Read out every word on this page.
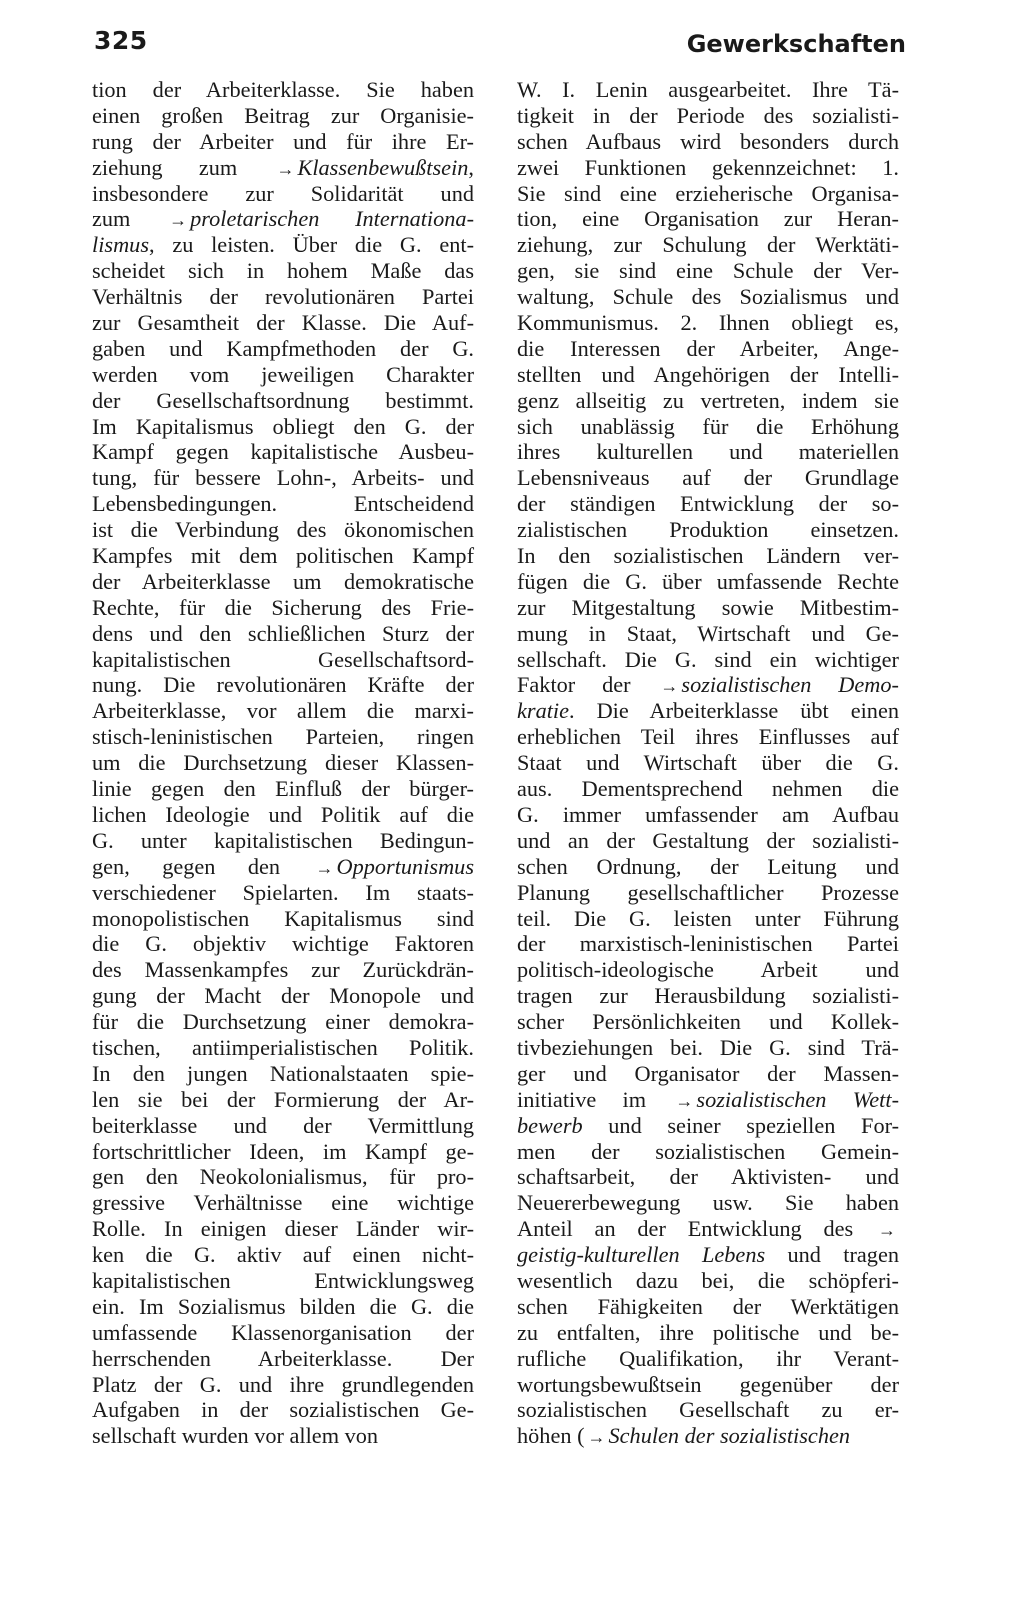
325	Gewerkschaften
tion der Arbeiterklasse. Sie haben
einen großen Beitrag zur Organisie-
rung der Arbeiter und für ihre Er-
ziehung zum → Klassenbewußtsein,
insbesondere zur Solidarität und
zum → proletarischen Internationa-
lismus, zu leisten. Über die G. ent-
scheidet sich in hohem Maße das
Verhältnis der revolutionären Partei
zur Gesamtheit der Klasse. Die Auf-
gaben und Kampfmethoden der G.
werden vom jeweiligen Charakter
der Gesellschaftsordnung bestimmt.
Im Kapitalismus obliegt den G. der
Kampf gegen kapitalistische Ausbeu-
tung, für bessere Lohn-, Arbeits- und
Lebensbedingungen. Entscheidend
ist die Verbindung des ökonomischen
Kampfes mit dem politischen Kampf
der Arbeiterklasse um demokratische
Rechte, für die Sicherung des Frie-
dens und den schließlichen Sturz der
kapitalistischen Gesellschaftsord-
nung. Die revolutionären Kräfte der
Arbeiterklasse, vor allem die marxi-
stisch-leninistischen Parteien, ringen
um die Durchsetzung dieser Klassen-
linie gegen den Einfluß der bürger-
lichen Ideologie und Politik auf die
G. unter kapitalistischen Bedingun-
gen, gegen den → Opportunismus
verschiedener Spielarten. Im staats-
monopolistischen Kapitalismus sind
die G. objektiv wichtige Faktoren
des Massenkampfes zur Zurückdrän-
gung der Macht der Monopole und
für die Durchsetzung einer demokra-
tischen, antiimperialistischen Politik.
In den jungen Nationalstaaten spie-
len sie bei der Formierung der Ar-
beiterklasse und der Vermittlung
fortschrittlicher Ideen, im Kampf ge-
gen den Neokolonialismus, für pro-
gressive Verhältnisse eine wichtige
Rolle. In einigen dieser Länder wir-
ken die G. aktiv auf einen nicht-
kapitalistischen Entwicklungsweg
ein. Im Sozialismus bilden die G. die
umfassende Klassenorganisation der
herrschenden Arbeiterklasse. Der
Platz der G. und ihre grundlegenden
Aufgaben in der sozialistischen Ge-
sellschaft wurden vor allem von
W. I. Lenin ausgearbeitet. Ihre Tä-
tigkeit in der Periode des sozialisti-
schen Aufbaus wird besonders durch
zwei Funktionen gekennzeichnet: 1.
Sie sind eine erzieherische Organisa-
tion, eine Organisation zur Heran-
ziehung, zur Schulung der Werktäti-
gen, sie sind eine Schule der Ver-
waltung, Schule des Sozialismus und
Kommunismus. 2. Ihnen obliegt es,
die Interessen der Arbeiter, Ange-
stellten und Angehörigen der Intelli-
genz allseitig zu vertreten, indem sie
sich unablässig für die Erhöhung
ihres kulturellen und materiellen
Lebensniveaus auf der Grundlage
der ständigen Entwicklung der so-
zialistischen Produktion einsetzen.
In den sozialistischen Ländern ver-
fügen die G. über umfassende Rechte
zur Mitgestaltung sowie Mitbestim-
mung in Staat, Wirtschaft und Ge-
sellschaft. Die G. sind ein wichtiger
Faktor der → sozialistischen Demo-
kratie. Die Arbeiterklasse übt einen
erheblichen Teil ihres Einflusses auf
Staat und Wirtschaft über die G.
aus. Dementsprechend nehmen die
G. immer umfassender am Aufbau
und an der Gestaltung der sozialisti-
schen Ordnung, der Leitung und
Planung gesellschaftlicher Prozesse
teil. Die G. leisten unter Führung
der marxistisch-leninistischen Partei
politisch-ideologische Arbeit und
tragen zur Herausbildung sozialisti-
scher Persönlichkeiten und Kollek-
tivbeziehungen bei. Die G. sind Trä-
ger und Organisator der Massen-
initiative im → sozialistischen Wett-
bewerb und seiner speziellen For-
men der sozialistischen Gemein-
schaftsarbeit, der Aktivisten- und
Neuererbewegung usw. Sie haben
Anteil an der Entwicklung des →
geistig-kulturellen Lebens und tragen
wesentlich dazu bei, die schöpferi-
schen Fähigkeiten der Werktätigen
zu entfalten, ihre politische und be-
rufliche Qualifikation, ihr Verant-
wortungsbewußtsein gegenüber der
sozialistischen Gesellschaft zu er-
höhen ( → Schulen der sozialistischen
